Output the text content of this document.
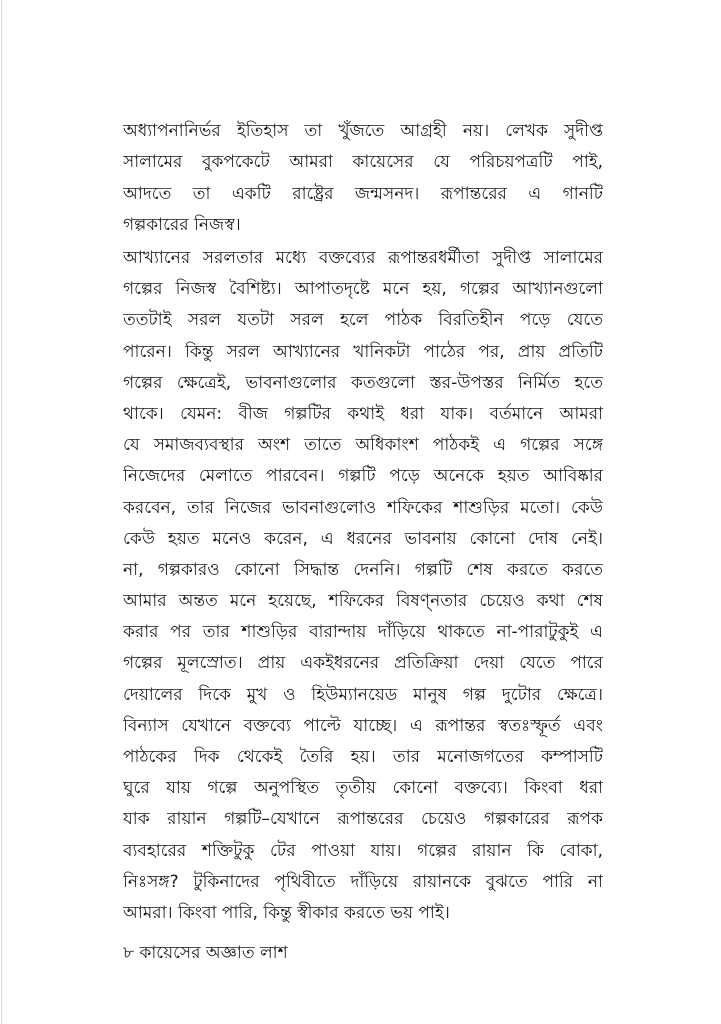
অধ্যাপনানির্ভর ইতিহাস তা খুঁজতে আগ্রহী নয়। লেখক সুদীপ্ত
সালামের বুকপকেটে আমরা কায়েসের যে পরিচয়পত্রটি পাই,
আদতে তা একটি রাষ্ট্রের জন্মসনদ। রূপান্তরের এ গানটি
গল্পকারের নিজস্ব।
আখ্যানের সরলতার মধ্যে বক্তব্যের রূপান্তরধর্মীতা সুদীপ্ত সালামের
গল্পের নিজস্ব বৈশিষ্ট্য। আপাতদৃষ্টে মনে হয়, গল্পের আখ্যানগুলো
ততটাই সরল যতটা সরল হলে পাঠক বিরতিহীন পড়ে যেতে
পারেন। কিন্তু সরল আখ্যানের খানিকটা পাঠের পর, প্রায় প্রতিটি
গল্পের ক্ষেত্রেই, ভাবনাগুলোর কতগুলো স্তর-উপস্তর নির্মিত হতে
থাকে। যেমন: বীজ গল্পটির কথাই ধরা যাক। বর্তমানে আমরা
যে সমাজব্যবস্থার অংশ তাতে অধিকাংশ পাঠকই এ গল্পের সঙ্গে
নিজেদের মেলাতে পারবেন। গল্পটি পড়ে অনেকে হয়ত আবিষ্কার
করবেন, তার নিজের ভাবনাগুলোও শফিকের শাশুড়ির মতো। কেউ
কেউ হয়ত মনেও করেন, এ ধরনের ভাবনায় কোনো দোষ নেই।
না, গল্পকারও কোনো সিদ্ধান্ত দেননি। গল্পটি শেষ করতে করতে
আমার অন্তত মনে হয়েছে, শফিকের বিষণ্নতার চেয়েও কথা শেষ
করার পর তার শাশুড়ির বারান্দায় দাঁড়িয়ে থাকতে না-পারাটুকুই এ
গল্পের মূলস্রোত। প্রায় একইধরনের প্রতিক্রিয়া দেয়া যেতে পারে
দেয়ালের দিকে মুখ ও হিউম্যানয়েড মানুষ গল্প দুটোর ক্ষেত্রে।
বিন্যাস যেখানে বক্তব্যে পাল্টে যাচ্ছে। এ রূপান্তর স্বতঃস্ফূর্ত এবং
পাঠকের দিক থেকেই তৈরি হয়। তার মনোজগতের কম্পাসটি
ঘুরে যায় গল্পে অনুপস্থিত তৃতীয় কোনো বক্তব্যে। কিংবা ধরা
যাক রায়ান গল্পটি–যেখানে রূপান্তরের চেয়েও গল্পকারের রূপক
ব্যবহারের শক্তিটুকু টের পাওয়া যায়। গল্পের রায়ান কি বোকা,
নিঃসঙ্গ? টুকিনাদের পৃথিবীতে দাঁড়িয়ে রায়ানকে বুঝতে পারি না
আমরা। কিংবা পারি, কিন্তু স্বীকার করতে ভয় পাই।
৮ কায়েসের অজ্ঞাত লাশ
